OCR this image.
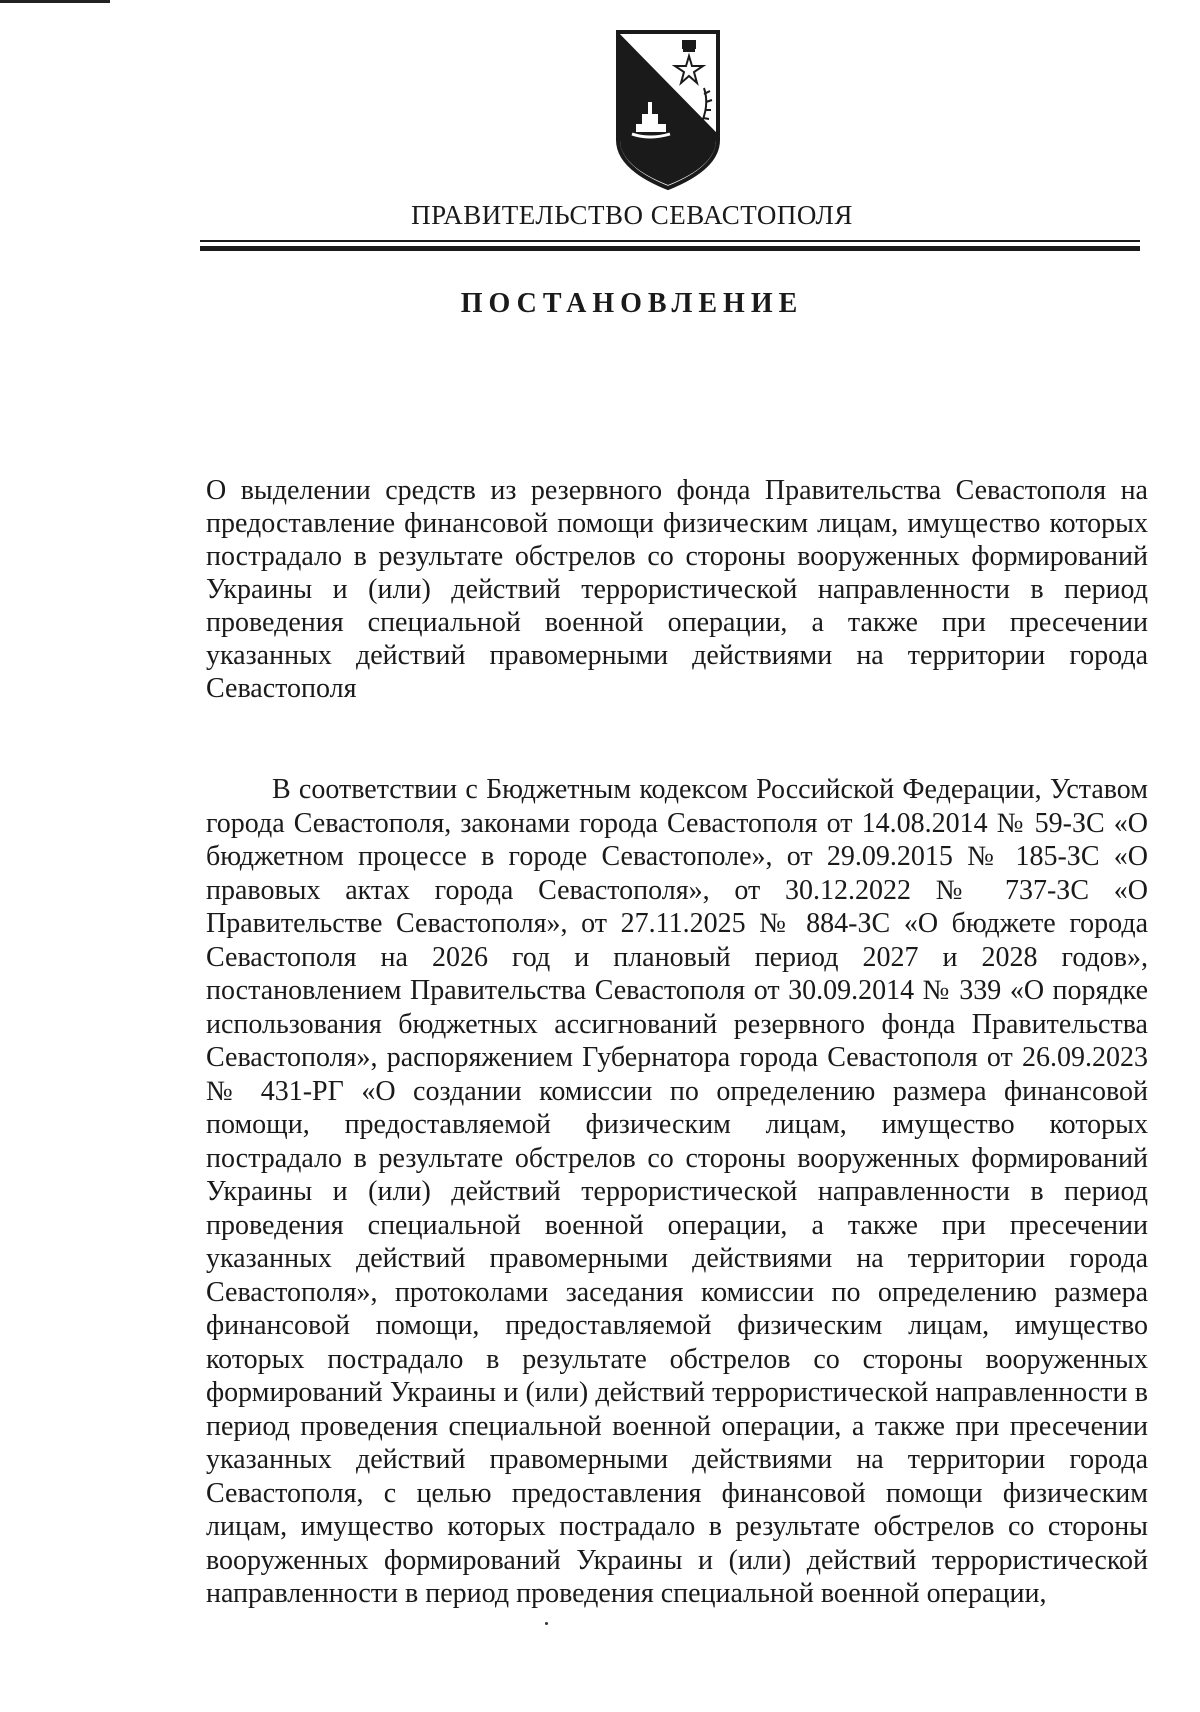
ПРАВИТЕЛЬСТВО СЕВАСТОПОЛЯ
ПОСТАНОВЛЕНИЕ
О выделении средств из резервного фонда Правительства Севастополя на предоставление финансовой помощи физическим лицам, имущество которых пострадало в результате обстрелов со стороны вооруженных формирований Украины и (или) действий террористической направленности в период проведения специальной военной операции, а также при пресечении указанных действий правомерными действиями на территории города Севастополя
В соответствии с Бюджетным кодексом Российской Федерации, Уставом города Севастополя, законами города Севастополя от 14.08.2014 № 59-ЗС «О бюджетном процессе в городе Севастополе», от 29.09.2015 № 185-ЗС «О правовых актах города Севастополя», от 30.12.2022 № 737-ЗС «О Правительстве Севастополя», от 27.11.2025 № 884-ЗС «О бюджете города Севастополя на 2026 год и плановый период 2027 и 2028 годов», постановлением Правительства Севастополя от 30.09.2014 № 339 «О порядке использования бюджетных ассигнований резервного фонда Правительства Севастополя», распоряжением Губернатора города Севастополя от 26.09.2023 № 431-РГ «О создании комиссии по определению размера финансовой помощи, предоставляемой физическим лицам, имущество которых пострадало в результате обстрелов со стороны вооруженных формирований Украины и (или) действий террористической направленности в период проведения специальной военной операции, а также при пресечении указанных действий правомерными действиями на территории города Севастополя», протоколами заседания комиссии по определению размера финансовой помощи, предоставляемой физическим лицам, имущество которых пострадало в результате обстрелов со стороны вооруженных формирований Украины и (или) действий террористической направленности в период проведения специальной военной операции, а также при пресечении указанных действий правомерными действиями на территории города Севастополя, с целью предоставления финансовой помощи физическим лицам, имущество которых пострадало в результате обстрелов со стороны вооруженных формирований Украины и (или) действий террористической направленности в период проведения специальной военной операции,
